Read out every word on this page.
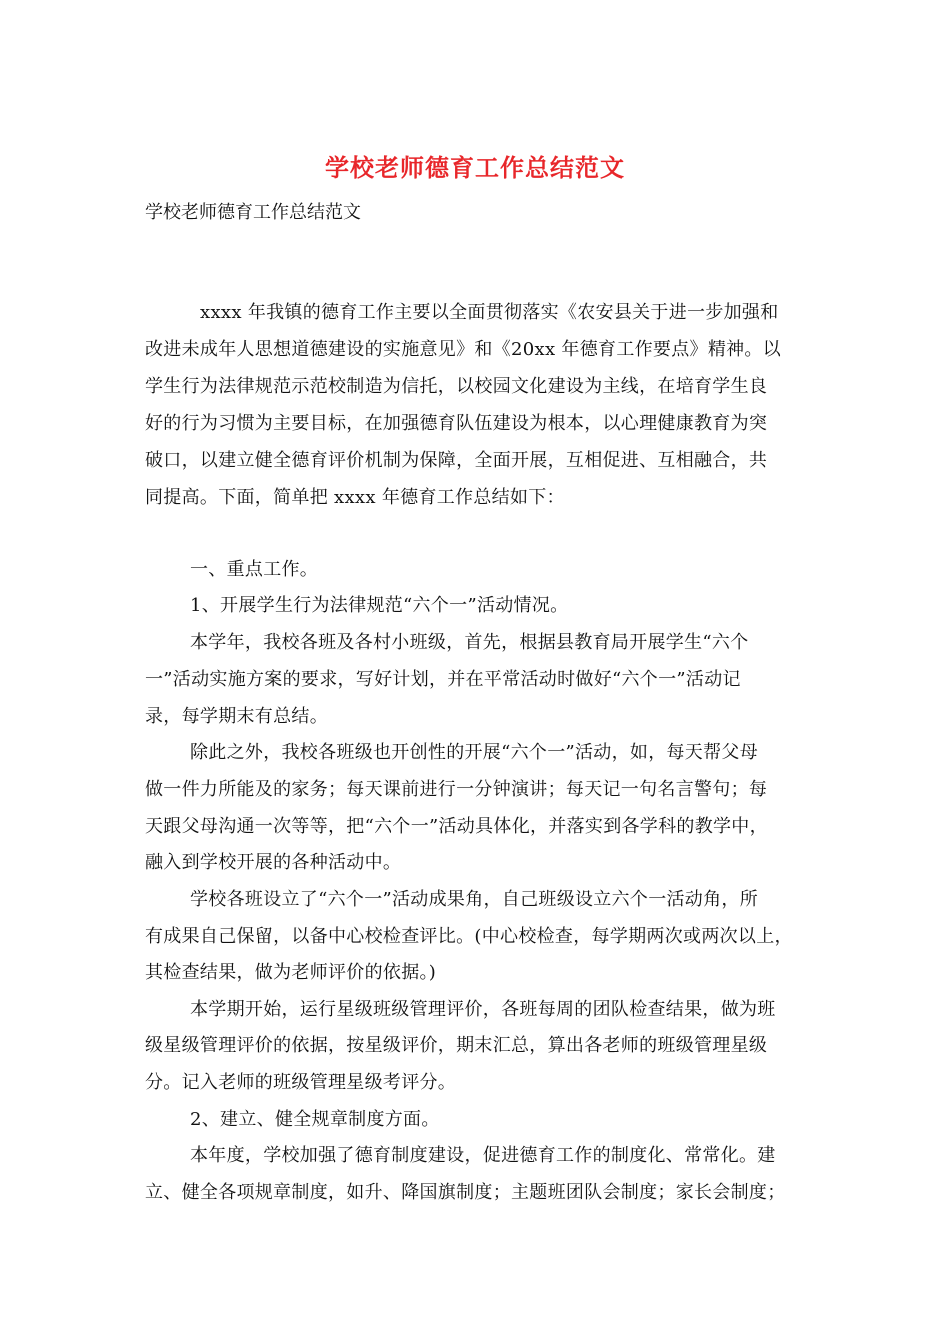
学校老师德育工作总结范文
学校老师德育工作总结范文
xxxx 年我镇的德育工作主要以全面贯彻落实《农安县关于进一步加强和
改进未成年人思想道德建设的实施意见》和《20xx 年德育工作要点》精神。以
学生行为法律规范示范校制造为信托，以校园文化建设为主线，在培育学生良
好的行为习惯为主要目标，在加强德育队伍建设为根本，以心理健康教育为突
破口，以建立健全德育评价机制为保障，全面开展，互相促进、互相融合，共
同提高。下面，简单把 xxxx 年德育工作总结如下：
一、重点工作。
1、开展学生行为法律规范“六个一”活动情况。
本学年，我校各班及各村小班级，首先，根据县教育局开展学生“六个
一”活动实施方案的要求，写好计划，并在平常活动时做好“六个一”活动记
录，每学期末有总结。
除此之外，我校各班级也开创性的开展“六个一”活动，如，每天帮父母
做一件力所能及的家务；每天课前进行一分钟演讲；每天记一句名言警句；每
天跟父母沟通一次等等，把“六个一”活动具体化，并落实到各学科的教学中，
融入到学校开展的各种活动中。
学校各班设立了“六个一”活动成果角，自己班级设立六个一活动角，所
有成果自己保留，以备中心校检查评比。(中心校检查，每学期两次或两次以上，
其检查结果，做为老师评价的依据。)
本学期开始，运行星级班级管理评价，各班每周的团队检查结果，做为班
级星级管理评价的依据，按星级评价，期末汇总，算出各老师的班级管理星级
分。记入老师的班级管理星级考评分。
2、建立、健全规章制度方面。
本年度，学校加强了德育制度建设，促进德育工作的制度化、常常化。建
立、健全各项规章制度，如升、降国旗制度；主题班团队会制度；家长会制度；
